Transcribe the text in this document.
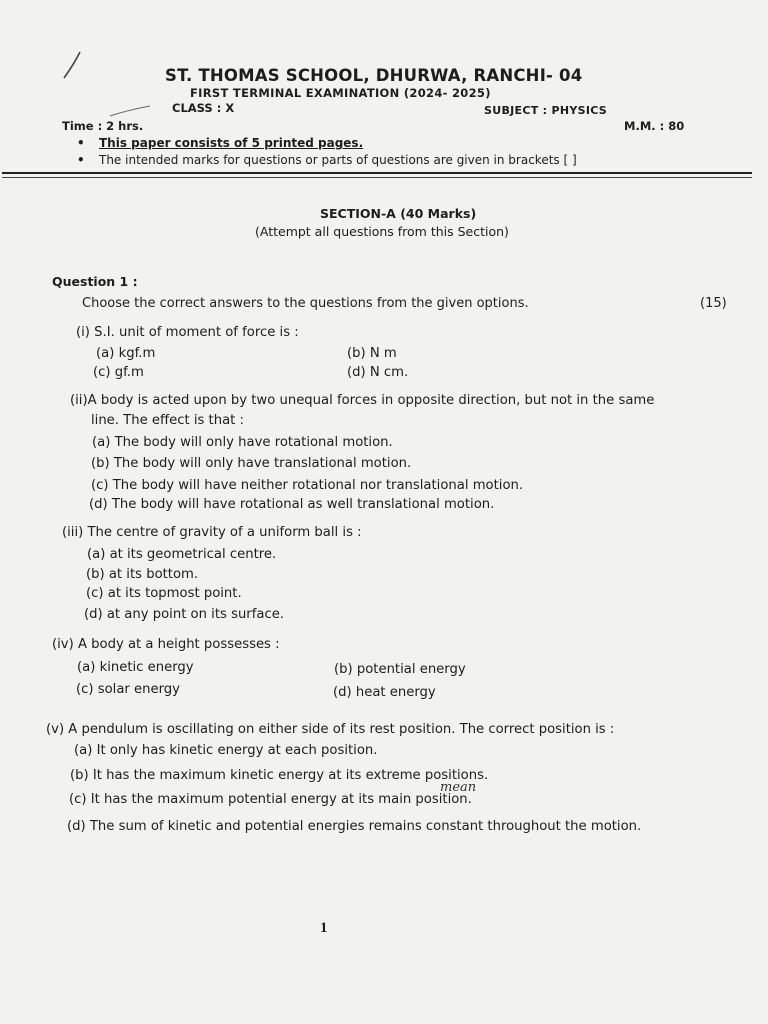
ST. THOMAS SCHOOL, DHURWA, RANCHI- 04
FIRST TERMINAL EXAMINATION (2024- 2025)
CLASS : X	SUBJECT : PHYSICS
Time : 2 hrs.	M.M. : 80
• This paper consists of 5 printed pages.
• The intended marks for questions or parts of questions are given in brackets [ ]
SECTION-A (40 Marks)
(Attempt all questions from this Section)
Question 1 :
Choose the correct answers to the questions from the given options.	(15)
(i) S.I. unit of moment of force is :
(a) kgf.m	(b) N m
(c) gf.m	(d) N cm.
(ii)A body is acted upon by two unequal forces in opposite direction, but not in the same
line. The effect is that :
(a) The body will only have rotational motion.
(b) The body will only have translational motion.
(c) The body will have neither rotational nor translational motion.
(d) The body will have rotational as well translational motion.
(iii) The centre of gravity of a uniform ball is :
(a) at its geometrical centre.
(b) at its bottom.
(c) at its topmost point.
(d) at any point on its surface.
(iv) A body at a height possesses :
(a) kinetic energy	(b) potential energy
(c) solar energy	(d) heat energy
(v) A pendulum is oscillating on either side of its rest position. The correct position is :
(a) It only has kinetic energy at each position.
(b) It has the maximum kinetic energy at its extreme positions.
(c) It has the maximum potential energy at its main position.
mean
(d) The sum of kinetic and potential energies remains constant throughout the motion.
1
